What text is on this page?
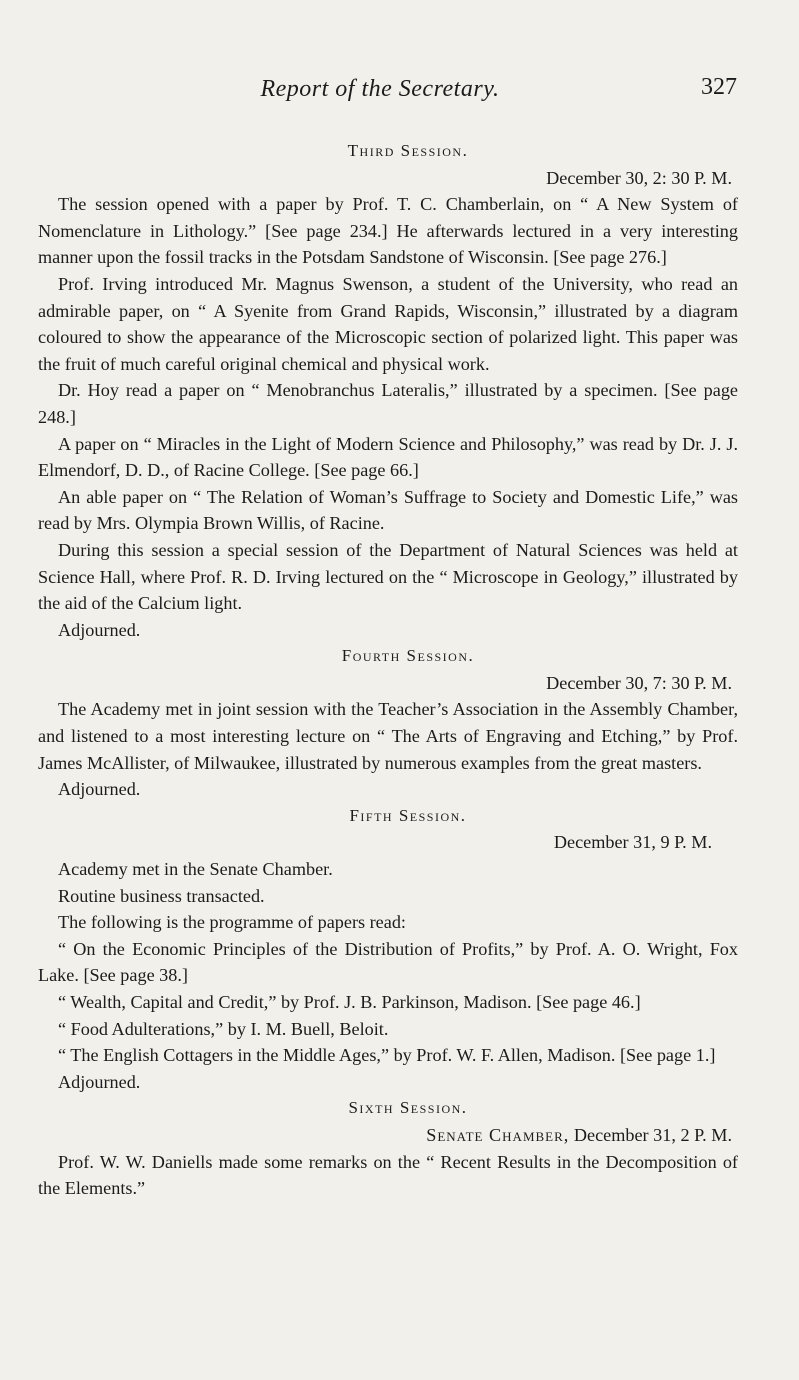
Report of the Secretary.	327

Third Session.

December 30, 2: 30 P. M.

The session opened with a paper by Prof. T. C. Chamberlain, on “ A New System of Nomenclature in Lithology.” [See page 234.] He afterwards lectured in a very interesting manner upon the fossil tracks in the Potsdam Sandstone of Wisconsin. [See page 276.]

Prof. Irving introduced Mr. Magnus Swenson, a student of the University, who read an admirable paper, on “ A Syenite from Grand Rapids, Wisconsin,” illustrated by a diagram coloured to show the appearance of the Microscopic section of polarized light. This paper was the fruit of much careful original chemical and physical work.

Dr. Hoy read a paper on “ Menobranchus Lateralis,” illustrated by a specimen. [See page 248.]

A paper on “ Miracles in the Light of Modern Science and Philosophy,” was read by Dr. J. J. Elmendorf, D. D., of Racine College. [See page 66.]

An able paper on “ The Relation of Woman’s Suffrage to Society and Domestic Life,” was read by Mrs. Olympia Brown Willis, of Racine.

During this session a special session of the Department of Natural Sciences was held at Science Hall, where Prof. R. D. Irving lectured on the “ Microscope in Geology,” illustrated by the aid of the Calcium light.

Adjourned.

Fourth Session.

December 30, 7: 30 P. M.

The Academy met in joint session with the Teacher’s Association in the Assembly Chamber, and listened to a most interesting lecture on “ The Arts of Engraving and Etching,” by Prof. James McAllister, of Milwaukee, illustrated by numerous examples from the great masters.

Adjourned.

Fifth Session.

December 31, 9 P. M.

Academy met in the Senate Chamber.

Routine business transacted.

The following is the programme of papers read:

“ On the Economic Principles of the Distribution of Profits,” by Prof. A. O. Wright, Fox Lake. [See page 38.]

“ Wealth, Capital and Credit,” by Prof. J. B. Parkinson, Madison. [See page 46.]

“ Food Adulterations,” by I. M. Buell, Beloit.

“ The English Cottagers in the Middle Ages,” by Prof. W. F. Allen, Madison. [See page 1.]

Adjourned.

Sixth Session.

Senate Chamber, December 31, 2 P. M.

Prof. W. W. Daniells made some remarks on the “ Recent Results in the Decomposition of the Elements.”
